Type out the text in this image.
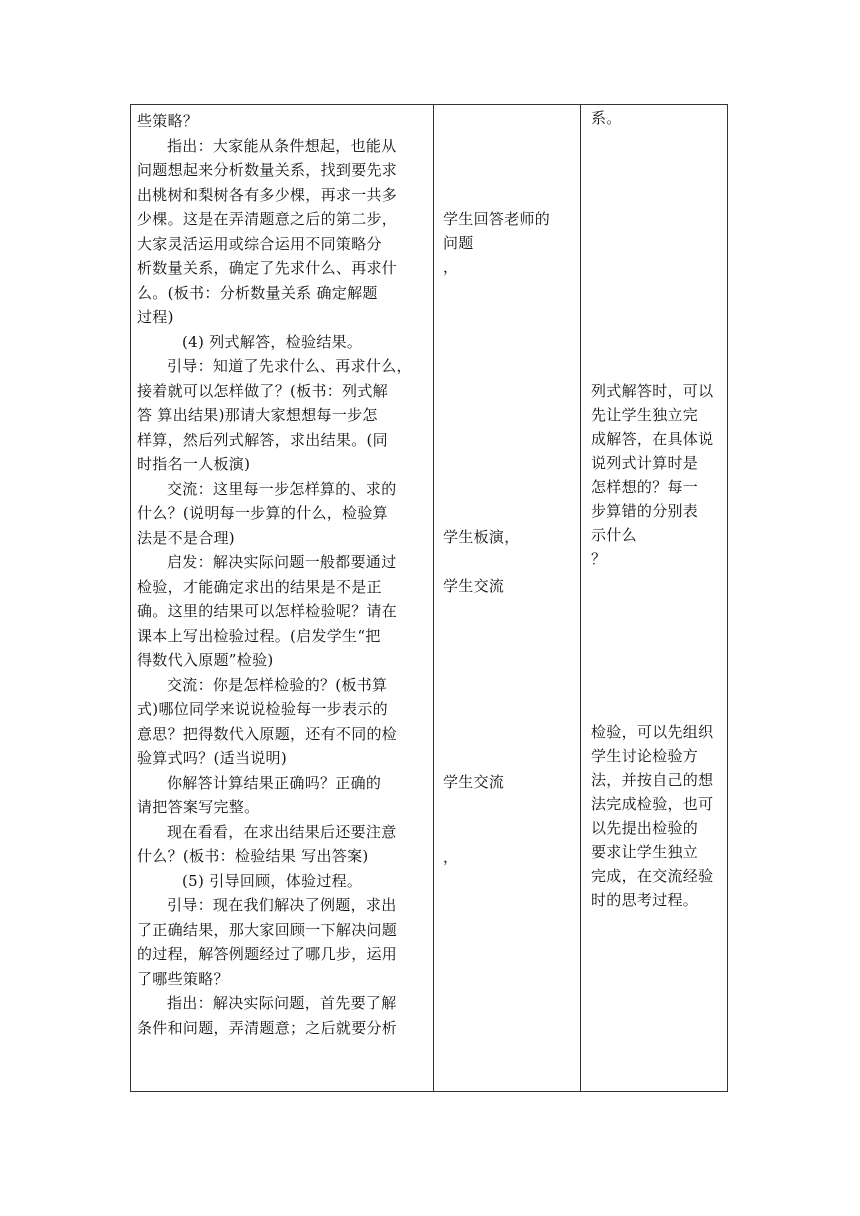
些策略？

指出：大家能从条件想起，也能从

问题想起来分析数量关系，找到要先求

出桃树和梨树各有多少棵，再求一共多

少棵。这是在弄清题意之后的第二步，

大家灵活运用或综合运用不同策略分

析数量关系，确定了先求什么、再求什

么。(板书：分析数量关系 确定解题

过程)

(4) 列式解答，检验结果。

引导：知道了先求什么、再求什么，

接着就可以怎样做了？(板书：列式解

答 算出结果)那请大家想想每一步怎

样算，然后列式解答，求出结果。(同

时指名一人板演)

交流：这里每一步怎样算的、求的

什么？(说明每一步算的什么，检验算

法是不是合理)

启发：解决实际问题一般都要通过

检验，才能确定求出的结果是不是正

确。这里的结果可以怎样检验呢？请在

课本上写出检验过程。(启发学生“把

得数代入原题”检验)

交流：你是怎样检验的？(板书算

式)哪位同学来说说检验每一步表示的

意思？把得数代入原题，还有不同的检

验算式吗？(适当说明)

你解答计算结果正确吗？正确的

请把答案写完整。

现在看看，在求出结果后还要注意

什么？(板书：检验结果 写出答案)

(5) 引导回顾，体验过程。

引导：现在我们解决了例题，求出

了正确结果，那大家回顾一下解决问题

的过程，解答例题经过了哪几步，运用

了哪些策略？

指出：解决实际问题，首先要了解

条件和问题，弄清题意；之后就要分析

学生回答老师的

问题

，

学生板演，

学生交流

学生交流

，

系。

列式解答时，可以

先让学生独立完

成解答，在具体说

说列式计算时是

怎样想的？每一

步算错的分别表

示什么

？

检验，可以先组织

学生讨论检验方

法，并按自己的想

法完成检验，也可

以先提出检验的

要求让学生独立

完成，在交流经验

时的思考过程。
